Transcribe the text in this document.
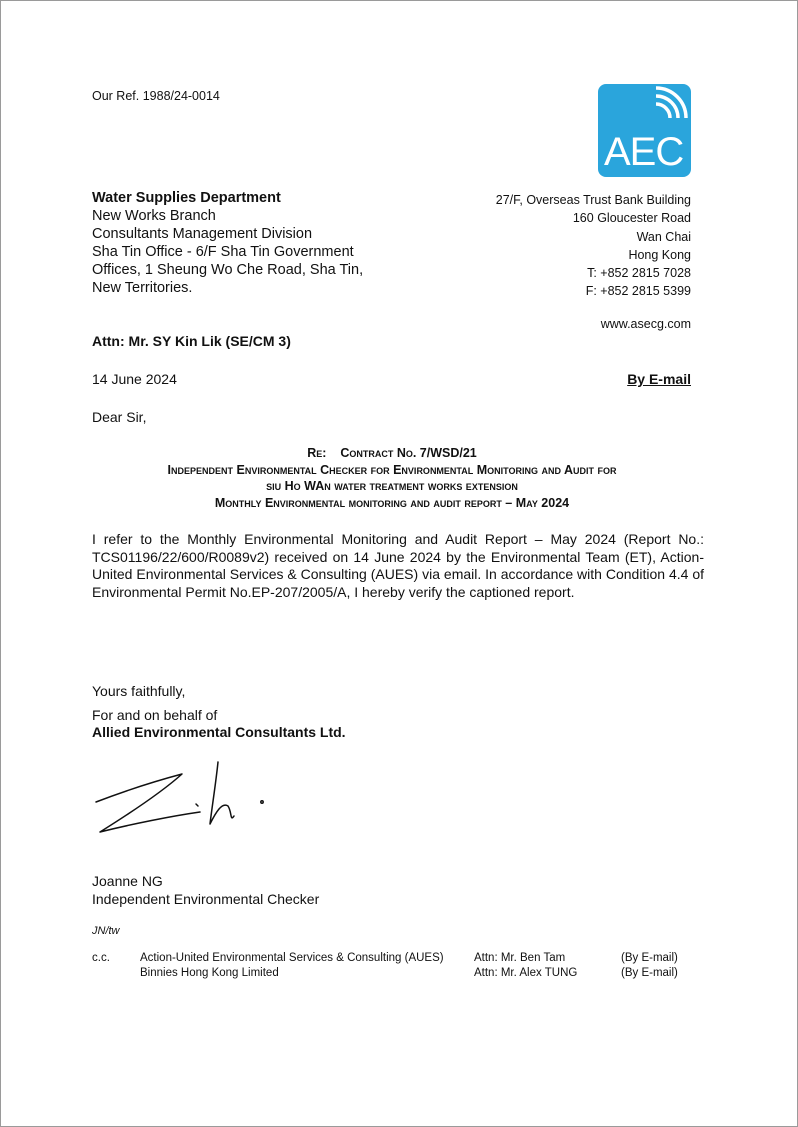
Our Ref. 1988/24-0014
AEC
27/F, Overseas Trust Bank Building
160 Gloucester Road
Wan Chai
Hong Kong
T: +852 2815 7028
F: +852 2815 5399
www.asecg.com
Water Supplies Department
New Works Branch
Consultants Management Division
Sha Tin Office - 6/F Sha Tin Government Offices, 1 Sheung Wo Che Road, Sha Tin, New Territories.
Attn: Mr. SY Kin Lik (SE/CM 3)
14 June 2024	By E-mail
Dear Sir,
Re: Contract No. 7/WSD/21
Independent Environmental Checker for Environmental Monitoring and Audit for
siu Ho WAn water treatment works extension
Monthly Environmental monitoring and audit report – May 2024
I refer to the Monthly Environmental Monitoring and Audit Report – May 2024 (Report No.: TCS01196/22/600/R0089v2) received on 14 June 2024 by the Environmental Team (ET), Action-United Environmental Services & Consulting (AUES) via email. In accordance with Condition 4.4 of Environmental Permit No.EP-207/2005/A, I hereby verify the captioned report.
Yours faithfully,
For and on behalf of
Allied Environmental Consultants Ltd.
Joanne NG
Independent Environmental Checker
JN/tw
c.c.	Action-United Environmental Services & Consulting (AUES)	Attn: Mr. Ben Tam	(By E-mail)
	Binnies Hong Kong Limited	Attn: Mr. Alex TUNG	(By E-mail)
